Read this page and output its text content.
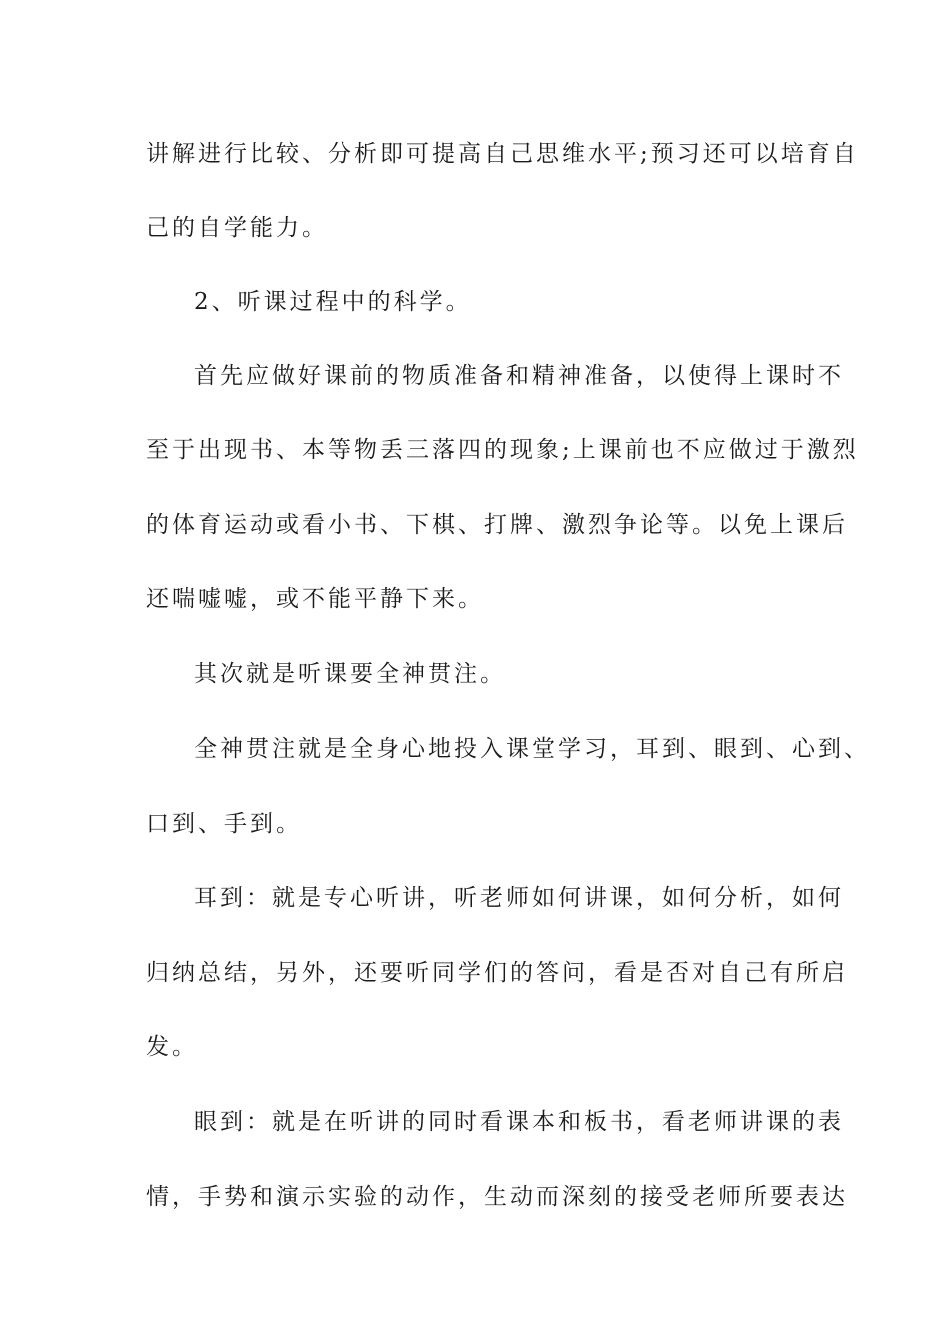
讲解进行比较、分析即可提高自己思维水平;预习还可以培育自
己的自学能力。
2、听课过程中的科学。
首先应做好课前的物质准备和精神准备，以使得上课时不
至于出现书、本等物丢三落四的现象;上课前也不应做过于激烈
的体育运动或看小书、下棋、打牌、激烈争论等。以免上课后
还喘嘘嘘，或不能平静下来。
其次就是听课要全神贯注。
全神贯注就是全身心地投入课堂学习，耳到、眼到、心到、
口到、手到。
耳到：就是专心听讲，听老师如何讲课，如何分析，如何
归纳总结，另外，还要听同学们的答问，看是否对自己有所启
发。
眼到：就是在听讲的同时看课本和板书，看老师讲课的表
情，手势和演示实验的动作，生动而深刻的接受老师所要表达
